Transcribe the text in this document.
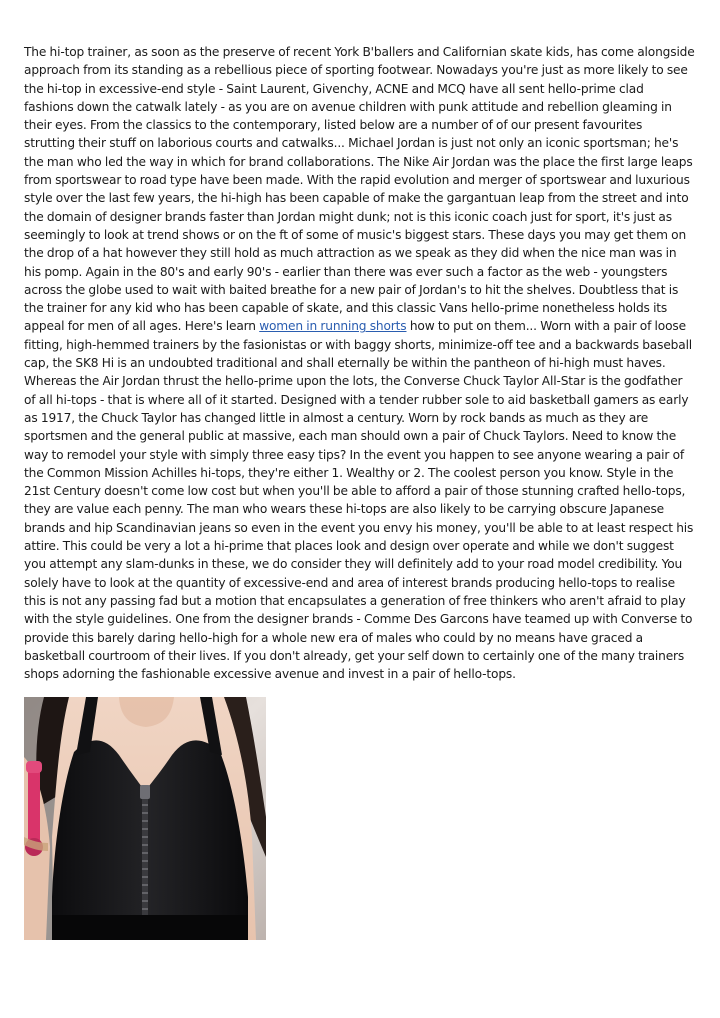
The hi-top trainer, as soon as the preserve of recent York B'ballers and Californian skate kids, has come alongside approach from its standing as a rebellious piece of sporting footwear. Nowadays you're just as more likely to see the hi-top in excessive-end style - Saint Laurent, Givenchy, ACNE and MCQ have all sent hello-prime clad fashions down the catwalk lately - as you are on avenue children with punk attitude and rebellion gleaming in their eyes. From the classics to the contemporary, listed below are a number of of our present favourites strutting their stuff on laborious courts and catwalks... Michael Jordan is just not only an iconic sportsman; he's the man who led the way in which for brand collaborations. The Nike Air Jordan was the place the first large leaps from sportswear to road type have been made. With the rapid evolution and merger of sportswear and luxurious style over the last few years, the hi-high has been capable of make the gargantuan leap from the street and into the domain of designer brands faster than Jordan might dunk; not is this iconic coach just for sport, it's just as seemingly to look at trend shows or on the ft of some of music's biggest stars. These days you may get them on the drop of a hat however they still hold as much attraction as we speak as they did when the nice man was in his pomp. Again in the 80's and early 90's - earlier than there was ever such a factor as the web - youngsters across the globe used to wait with baited breathe for a new pair of Jordan's to hit the shelves. Doubtless that is the trainer for any kid who has been capable of skate, and this classic Vans hello-prime nonetheless holds its appeal for men of all ages. Here's learn women in running shorts how to put on them... Worn with a pair of loose fitting, high-hemmed trainers by the fasionistas or with baggy shorts, minimize-off tee and a backwards baseball cap, the SK8 Hi is an undoubted traditional and shall eternally be within the pantheon of hi-high must haves. Whereas the Air Jordan thrust the hello-prime upon the lots, the Converse Chuck Taylor All-Star is the godfather of all hi-tops - that is where all of it started. Designed with a tender rubber sole to aid basketball gamers as early as 1917, the Chuck Taylor has changed little in almost a century. Worn by rock bands as much as they are sportsmen and the general public at massive, each man should own a pair of Chuck Taylors. Need to know the way to remodel your style with simply three easy tips? In the event you happen to see anyone wearing a pair of the Common Mission Achilles hi-tops, they're either 1. Wealthy or 2. The coolest person you know. Style in the 21st Century doesn't come low cost but when you'll be able to afford a pair of those stunning crafted hello-tops, they are value each penny. The man who wears these hi-tops are also likely to be carrying obscure Japanese brands and hip Scandinavian jeans so even in the event you envy his money, you'll be able to at least respect his attire. This could be very a lot a hi-prime that places look and design over operate and while we don't suggest you attempt any slam-dunks in these, we do consider they will definitely add to your road model credibility. You solely have to look at the quantity of excessive-end and area of interest brands producing hello-tops to realise this is not any passing fad but a motion that encapsulates a generation of free thinkers who aren't afraid to play with the style guidelines. One from the designer brands - Comme Des Garcons have teamed up with Converse to provide this barely daring hello-high for a whole new era of males who could by no means have graced a basketball courtroom of their lives. If you don't already, get your self down to certainly one of the many trainers shops adorning the fashionable excessive avenue and invest in a pair of hello-tops.
